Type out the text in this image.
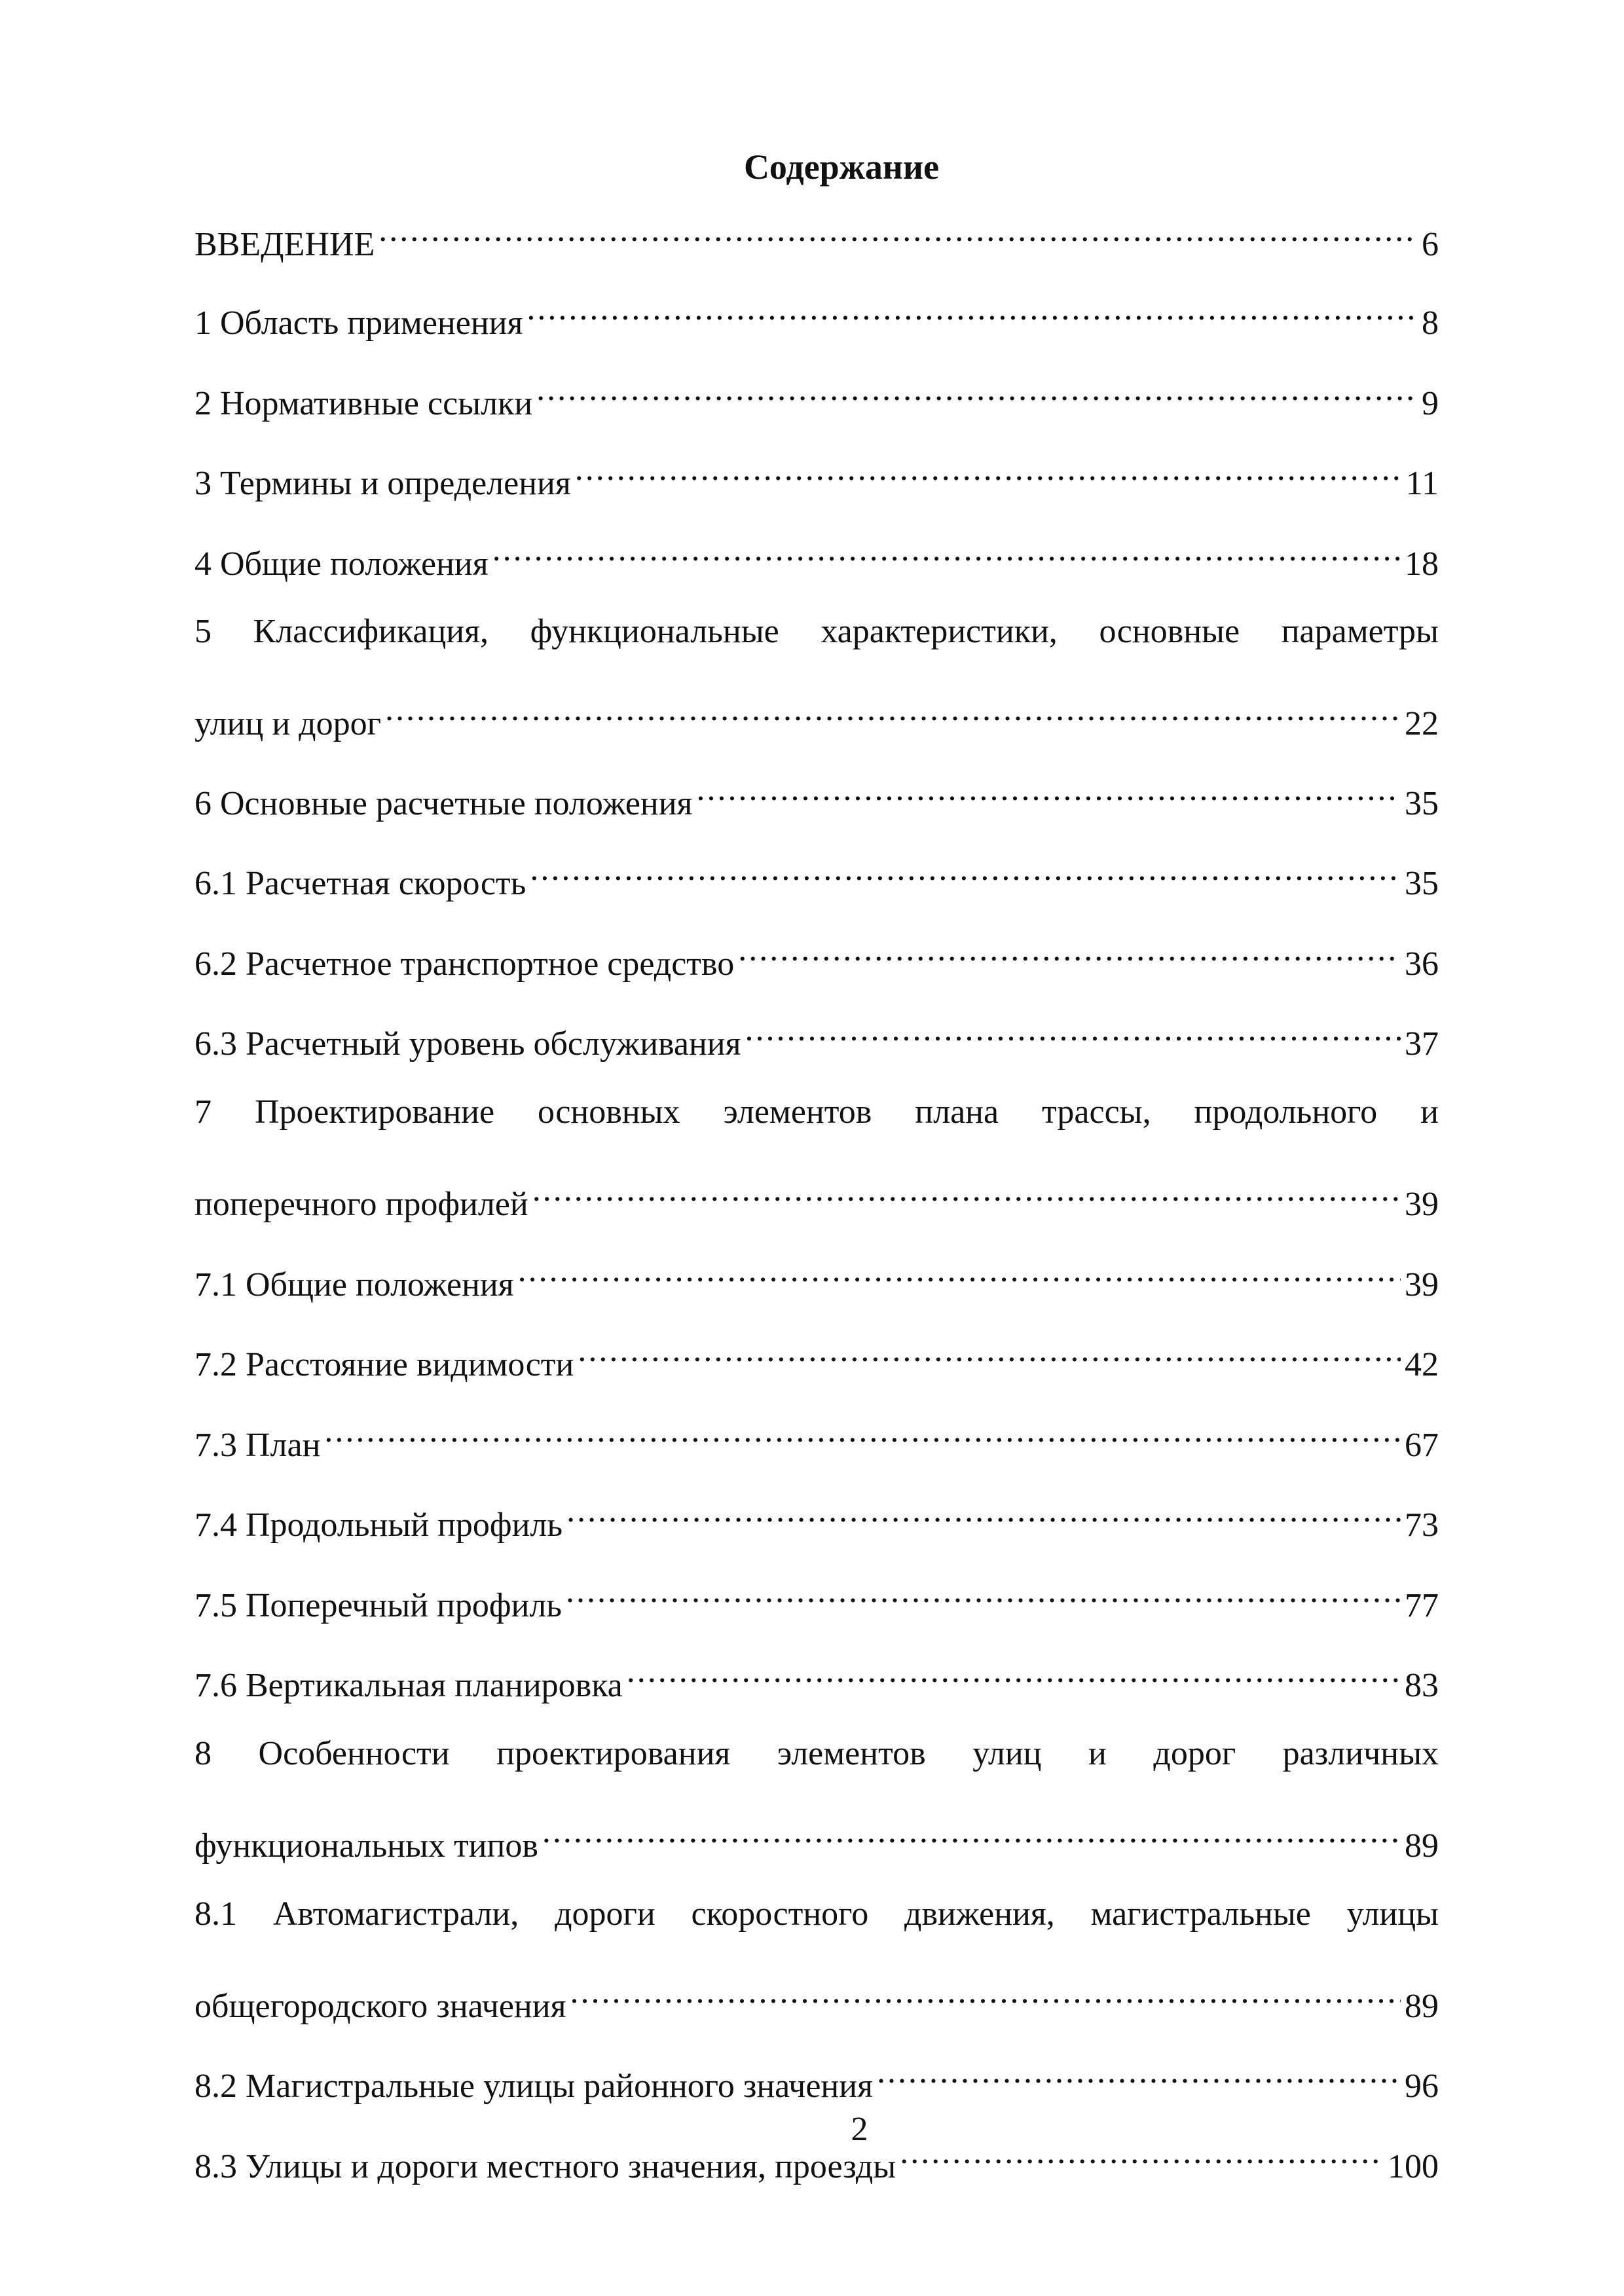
Содержание
ВВЕДЕНИЕ .....	6
1 Область применения .....	8
2 Нормативные ссылки .....	9
3 Термины и определения .....	11
4 Общие положения .....	18
5 Классификация, функциональные характеристики, основные параметры
улиц и дорог .....	22
6 Основные расчетные положения .....	35
6.1 Расчетная скорость .....	35
6.2 Расчетное транспортное средство .....	36
6.3 Расчетный уровень обслуживания .....	37
7 Проектирование основных элементов плана трассы, продольного и
поперечного профилей .....	39
7.1 Общие положения .....	39
7.2 Расстояние видимости .....	42
7.3 План .....	67
7.4 Продольный профиль .....	73
7.5 Поперечный профиль .....	77
7.6 Вертикальная планировка .....	83
8 Особенности проектирования элементов улиц и дорог различных
функциональных типов .....	89
8.1 Автомагистрали, дороги скоростного движения, магистральные улицы
общегородского значения .....	89
8.2 Магистральные улицы районного значения .....	96
8.3 Улицы и дороги местного значения, проезды .....	100
2
